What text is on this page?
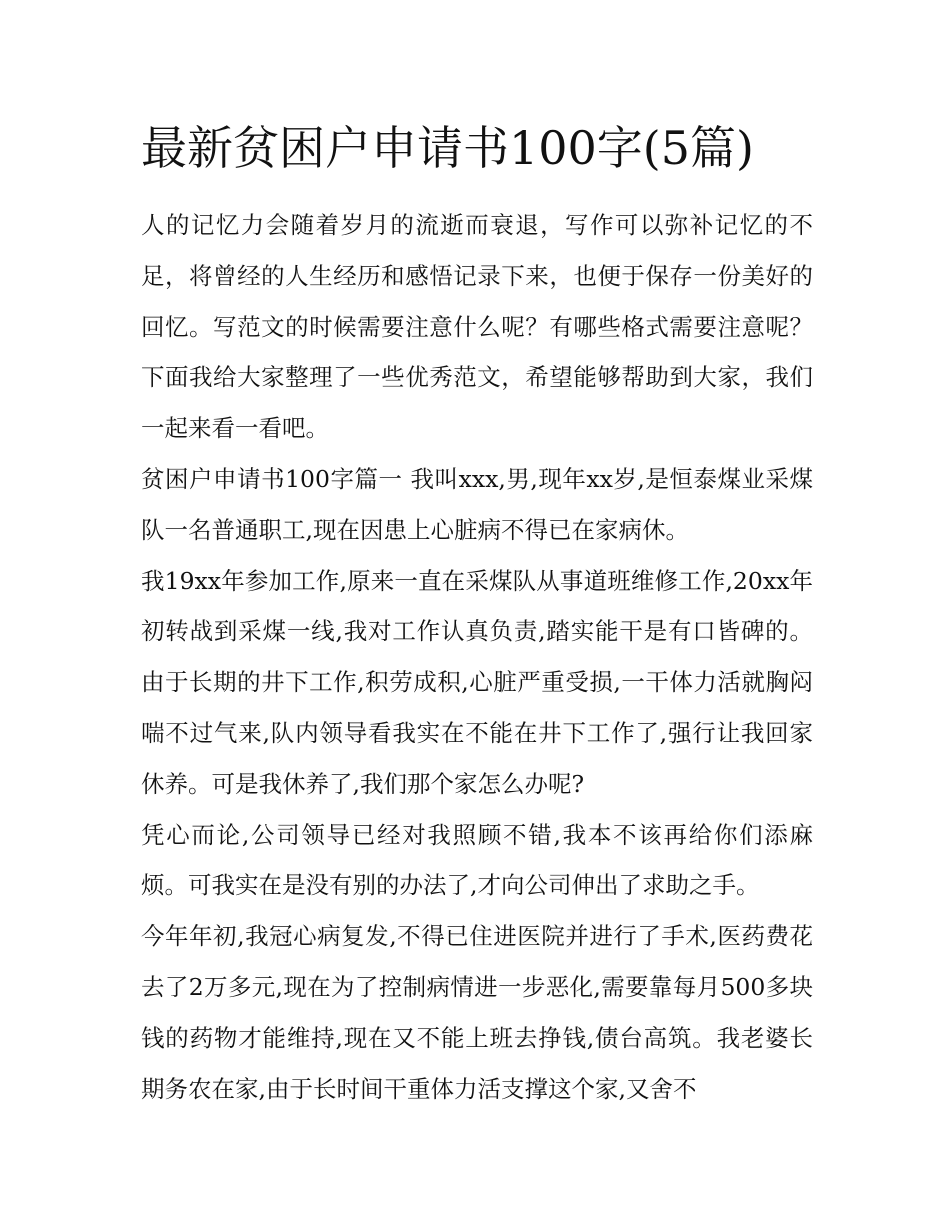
最新贫困户申请书100字(5篇)

人的记忆力会随着岁月的流逝而衰退，写作可以弥补记忆的不足，将曾经的人生经历和感悟记录下来，也便于保存一份美好的回忆。写范文的时候需要注意什么呢？有哪些格式需要注意呢？下面我给大家整理了一些优秀范文，希望能够帮助到大家，我们一起来看一看吧。

贫困户申请书100字篇一 我叫xxx,男,现年xx岁,是恒泰煤业采煤队一名普通职工,现在因患上心脏病不得已在家病休。

我19xx年参加工作,原来一直在采煤队从事道班维修工作,20xx年初转战到采煤一线,我对工作认真负责,踏实能干是有口皆碑的。由于长期的井下工作,积劳成积,心脏严重受损,一干体力活就胸闷喘不过气来,队内领导看我实在不能在井下工作了,强行让我回家休养。可是我休养了,我们那个家怎么办呢?

凭心而论,公司领导已经对我照顾不错,我本不该再给你们添麻烦。可我实在是没有别的办法了,才向公司伸出了求助之手。

今年年初,我冠心病复发,不得已住进医院并进行了手术,医药费花去了2万多元,现在为了控制病情进一步恶化,需要靠每月500多块钱的药物才能维持,现在又不能上班去挣钱,债台高筑。我老婆长期务农在家,由于长时间干重体力活支撑这个家,又舍不
